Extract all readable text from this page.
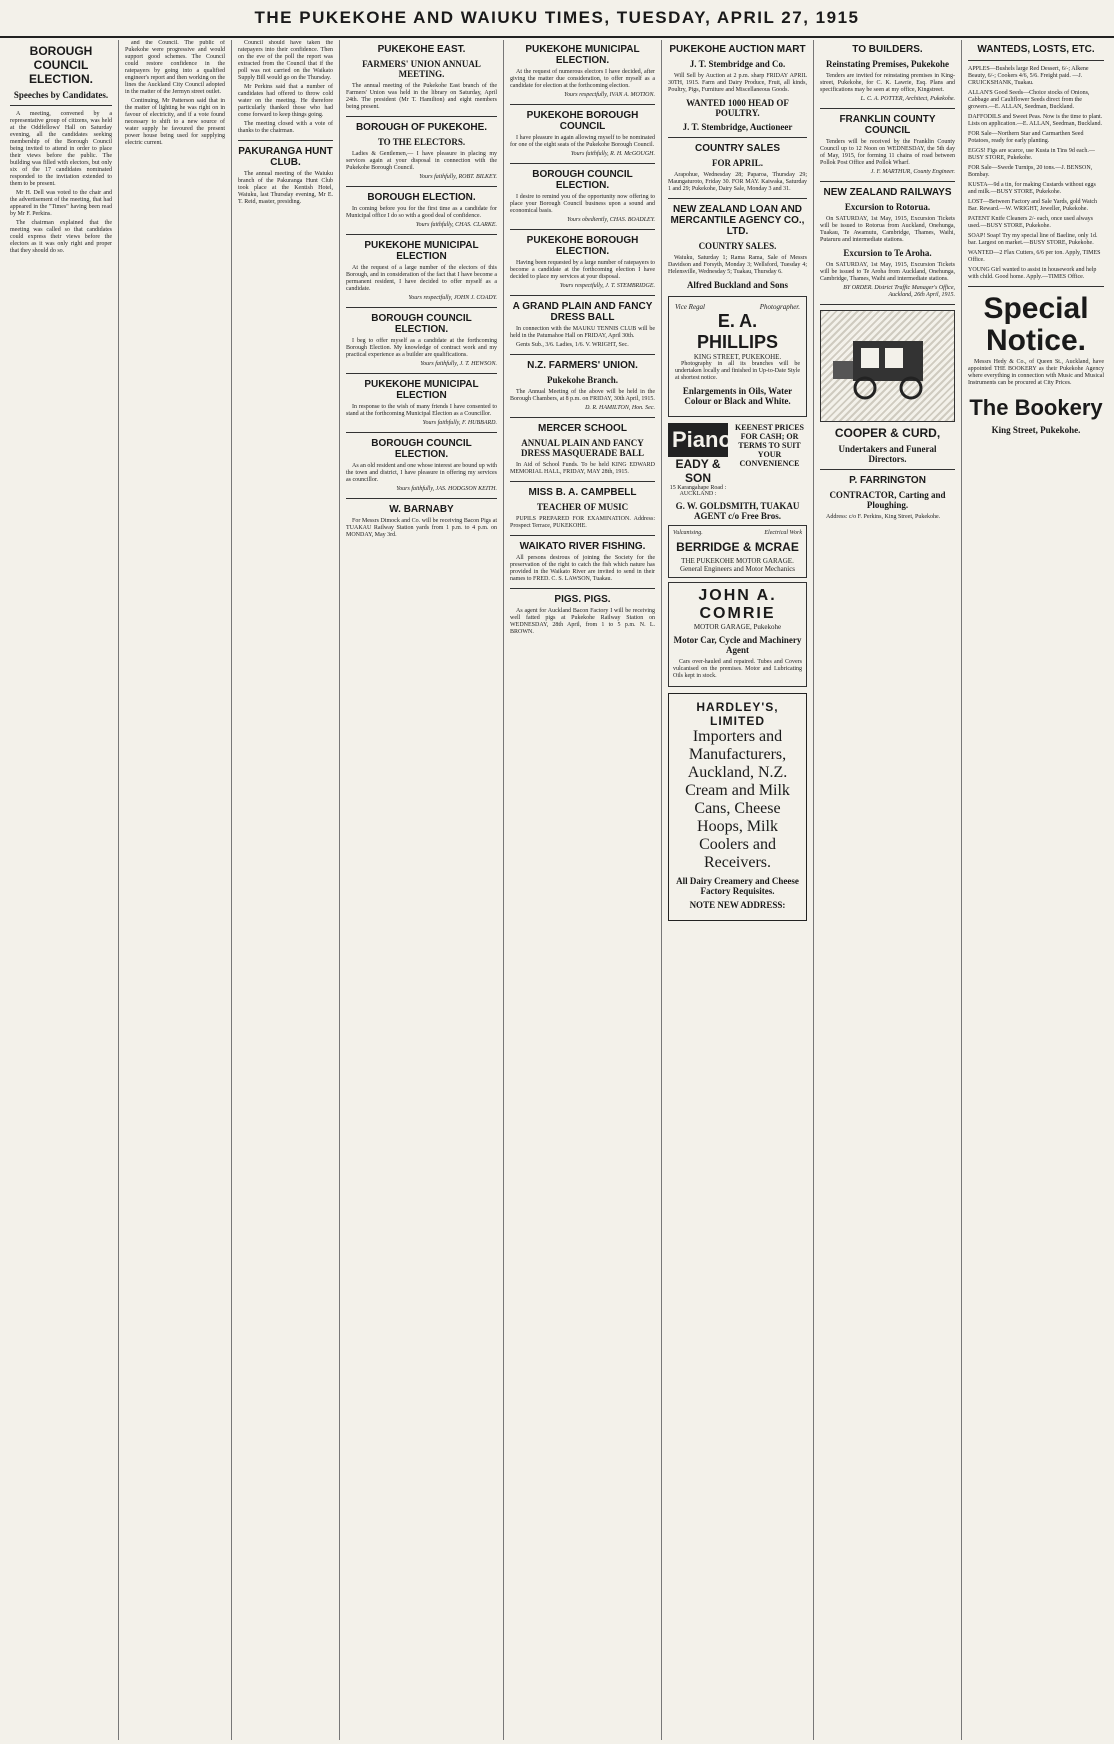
THE PUKEKOHE AND WAIUKU TIMES, TUESDAY, APRIL 27, 1915
BOROUGH COUNCIL ELECTION.
Speeches by Candidates.

A meeting, convened by a representative group of citizens, was held at the Oddfellows' Hall on Saturday evening, all the candidates seeking membership of the Borough Council being invited to attend in order to place their views before the public. The building was filled with electors, but only six of the 17 candidates nominated responded to the invitation extended to them to be present.

Mr H. Dell was voted to the chair and the advertisement of the meeting, that had appeared in the "Times" having been read by Mr F. Perkins.

The chairman explained that the meeting was called so that candidates could express their views before the electors as it was only right and proper that they should do so.

and the Council. The public of Pukekohe were progressive and would support good schemes. The Council could restore confidence in the ratepayers by going into a qualified engineer's report and then working on the lines the Auckland City Council adopted in the matter of the Jermyn street outlet.

Continuing, Mr Patterson said that in the matter of lighting he was right on in favour of electricity, and if a vote found necessary to shift to a new source of water supply he favoured the present power house being used for supplying electric current.

Council should have taken the ratepayers into their confidence. Then on the eve of the poll the report was extracted from the Council that if the poll was not carried on the Waikato Supply Bill would go on the Thursday.

Mr Perkins said that a number of candidates had offered to throw cold water on the meeting. He therefore particularly thanked those who had come forward to keep things going.

The meeting closed with a vote of thanks to the chairman.

PAKURANGA HUNT CLUB.

The annual meeting of the Waiuku branch of the Pakuranga Hunt Club took place at the Kentish Hotel, Waiuku, last Thursday evening, Mr E. T. Reid, master, presiding.

PUKEKOHE EAST.
FARMERS' UNION ANNUAL MEETING.

The annual meeting of the Pukekohe East branch of the Farmers' Union was held in the library on Saturday, April 24th. The president (Mr T. Hamilton) and eight members being present.

BOROUGH OF PUKEKOHE.
TO THE ELECTORS.

Ladies & Gentlemen,— I have pleasure in placing my services again at your disposal in connection with the Pukekohe Borough Council.

Yours faithfully, ROBT. BILKEY.
BOROUGH ELECTION.

In coming before you for the first time as a candidate for Municipal office I do so with a good deal of confidence.

Yours faithfully, CHAS. CLARKE.
PUKEKOHE MUNICIPAL ELECTION

At the request of a large number of the electors of this Borough, and in consideration of the fact that I have become a permanent resident, I have decided to offer myself as a candidate.

Yours respectfully, JOHN J. COADY.
BOROUGH COUNCIL ELECTION.

I beg to offer myself as a candidate at the forthcoming Borough Election. My knowledge of contract work and my practical experience as a builder are qualifications.

Yours faithfully, J. T. HEWSON.
PUKEKOHE MUNICIPAL ELECTION

In response to the wish of many friends I have consented to stand at the forthcoming Municipal Election as a Councillor.

Yours faithfully, F. HUBBARD.
BOROUGH COUNCIL ELECTION.

As an old resident and one whose interest are bound up with the town and district, I have pleasure in offering my services as councillor.

Yours faithfully, JAS. HODGSON KEITH.
W. BARNABY

For Messrs Dimock and Co. will be receiving Bacon Pigs at TUAKAU Railway Station yards from 1 p.m. to 4 p.m. on MONDAY, May 3rd.

PUKEKOHE MUNICIPAL ELECTION.

At the request of numerous electors I have decided, after giving the matter due consideration, to offer myself as a candidate for election at the forthcoming election.

Yours respectfully, IVAN A. MOTION.
PUKEKOHE BOROUGH COUNCIL

I have pleasure in again allowing myself to be nominated for one of the eight seats of the Pukekohe Borough Council.

Yours faithfully, R. H. McGOUGH.
BOROUGH COUNCIL ELECTION.

I desire to remind you of the opportunity now offering to place your Borough Council business upon a sound and economical basis.

Yours obediently, CHAS. BOADLEY.
PUKEKOHE BOROUGH ELECTION.

Having been requested by a large number of ratepayers to become a candidate at the forthcoming election I have decided to place my services at your disposal.

Yours respectfully, J. T. STEMBRIDGE.
A GRAND PLAIN AND FANCY DRESS BALL

In connection with the MAUKU TENNIS CLUB will be held in the Patumahoe Hall on FRIDAY, April 30th.

Gents Sub., 3/6. Ladies, 1/6. V. WRIGHT, Sec.

N.Z. FARMERS' UNION.
Pukekohe Branch.

The Annual Meeting of the above will be held in the Borough Chambers, at 8 p.m. on FRIDAY, 30th April, 1915.

D. R. HAMILTON, Hon. Sec.
MERCER SCHOOL
ANNUAL PLAIN AND FANCY DRESS MASQUERADE BALL

In Aid of School Funds. To be held KING EDWARD MEMORIAL HALL, FRIDAY, MAY 28th, 1915.

MISS B. A. CAMPBELL
TEACHER OF MUSIC

PUPILS PREPARED FOR EXAMINATION. Address: Prospect Terrace, PUKEKOHE.

WAIKATO RIVER FISHING.

All persons desirous of joining the Society for the preservation of the right to catch the fish which nature has provided in the Waikato River are invited to send in their names to FRED. C. S. LAWSON, Tuakau.

PIGS. PIGS.

As agent for Auckland Bacon Factory I will be receiving well fatted pigs at Pukekohe Railway Station on WEDNESDAY, 28th April, from 1 to 5 p.m. N. L. BROWN.

PUKEKOHE AUCTION MART
J. T. Stembridge and Co.

Will Sell by Auction at 2 p.m. sharp FRIDAY APRIL 30TH, 1915. Farm and Dairy Produce, Fruit, all kinds, Poultry, Pigs, Furniture and Miscellaneous Goods.

WANTED 1000 HEAD OF POULTRY.
J. T. Stembridge, Auctioneer
COUNTRY SALES
FOR APRIL.

Arapohue, Wednesday 28; Paparoa, Thursday 29; Maungaturoto, Friday 30. FOR MAY. Kaiwaka, Saturday 1 and 29; Pukekohe, Dairy Sale, Monday 3 and 31.

NEW ZEALAND LOAN AND MERCANTILE AGENCY CO., LTD.
COUNTRY SALES.

Waiuku, Saturday 1; Rama Rama, Sale of Messrs Davidson and Forsyth, Monday 3; Wellsford, Tuesday 4; Helensville, Wednesday 5; Tuakau, Thursday 6.

Alfred Buckland and Sons
Vice Regal	Photographer.
E. A. PHILLIPS
KING STREET, PUKEKOHE.

Photography in all its branches will be undertaken locally and finished in Up-to-Date Style at shortest notice.

Enlargements in Oils, Water Colour or Black and White.
Pianos
EADY & SON
15 Karangahape Road : AUCKLAND :
KEENEST PRICES FOR CASH; OR TERMS TO SUIT YOUR CONVENIENCE
G. W. GOLDSMITH, TUAKAU AGENT c/o Free Bros.
Vulcanising.	Electrical Work
BERRIDGE & MCRAE
THE PUKEKOHE MOTOR GARAGE. General Engineers and Motor Mechanics
JOHN A. COMRIE
MOTOR GARAGE, Pukekohe
Motor Car, Cycle and Machinery Agent

Cars over-hauled and repaired. Tubes and Covers vulcanised on the premises. Motor and Lubricating Oils kept in stock.

HARDLEY'S, LIMITED
Importers and Manufacturers, Auckland, N.Z.
Cream and Milk Cans, Cheese Hoops, Milk Coolers and Receivers.
All Dairy Creamery and Cheese Factory Requisites.
NOTE NEW ADDRESS:
TO BUILDERS.
Reinstating Premises, Pukekohe

Tenders are invited for reinstating premises in King-street, Pukekohe, for C. K. Lawrie, Esq. Plans and specifications may be seen at my office, Kingstreet.

L. C. A. POTTER, Architect, Pukekohe.
FRANKLIN COUNTY COUNCIL

Tenders will be received by the Franklin County Council up to 12 Noon on WEDNESDAY, the 5th day of May, 1915, for forming 11 chains of road between Pollok Post Office and Pollok Wharf.

J. F. MARTHUR, County Engineer.
NEW ZEALAND RAILWAYS
Excursion to Rotorua.

On SATURDAY, 1st May, 1915, Excursion Tickets will be issued to Rotorua from Auckland, Onehunga, Tuakau, Te Awamutu, Cambridge, Thames, Waihi, Putaruru and intermediate stations.

Excursion to Te Aroha.

On SATURDAY, 1st May, 1915, Excursion Tickets will be issued to Te Aroha from Auckland, Onehunga, Cambridge, Thames, Waihi and intermediate stations.

BY ORDER. District Traffic Manager's Office, Auckland, 26th April, 1915.
COOPER & CURD,
Undertakers and Funeral Directors.
P. FARRINGTON
CONTRACTOR, Carting and Ploughing.

Address: c/o F. Perkins, King Street, Pukekohe.

WANTEDS, LOSTS, ETC.
APPLES—Bushels large Red Dessert, 6/-; Alkene Beauty, 6/-; Cookers 4/6, 5/6. Freight paid. —J. CRUICKSHANK, Tuakau.
ALLAN'S Good Seeds—Choice stocks of Onions, Cabbage and Cauliflower Seeds direct from the growers.—E. ALLAN, Seedman, Buckland.
DAFFODILS and Sweet Peas. Now is the time to plant. Lists on application.—E. ALLAN, Seedman, Buckland.
FOR Sale—Northern Star and Carmarthen Seed Potatoes, ready for early planting.
EGGS! Figs are scarce, use Kusta in Tins 9d each.—BUSY STORE, Pukekohe.
FOR Sale—Swede Turnips, 20 tons.—J. BENSON, Bombay.
KUSTA—9d a tin, for making Custards without eggs and milk.—BUSY STORE, Pukekohe.
LOST—Between Factory and Sale Yards, gold Watch Bar. Reward.—W. WRIGHT, Jeweller, Pukekohe.
PATENT Knife Cleaners 2/- each, once used always used.—BUSY STORE, Pukekohe.
SOAP! Soap! Try my special line of Baeline, only 1d. bar. Largest on market.—BUSY STORE, Pukekohe.
WANTED—2 Flax Cutters, 6/6 per ton. Apply, TIMES Office.
YOUNG Girl wanted to assist in housework and help with child. Good home. Apply.—TIMES Office.
Special Notice.

Messrs Hedy & Co., of Queen St., Auckland, have appointed THE BOOKERY as their Pukekohe Agency where everything in connection with Music and Musical Instruments can be procured at City Prices.

The Bookery
King Street, Pukekohe.
